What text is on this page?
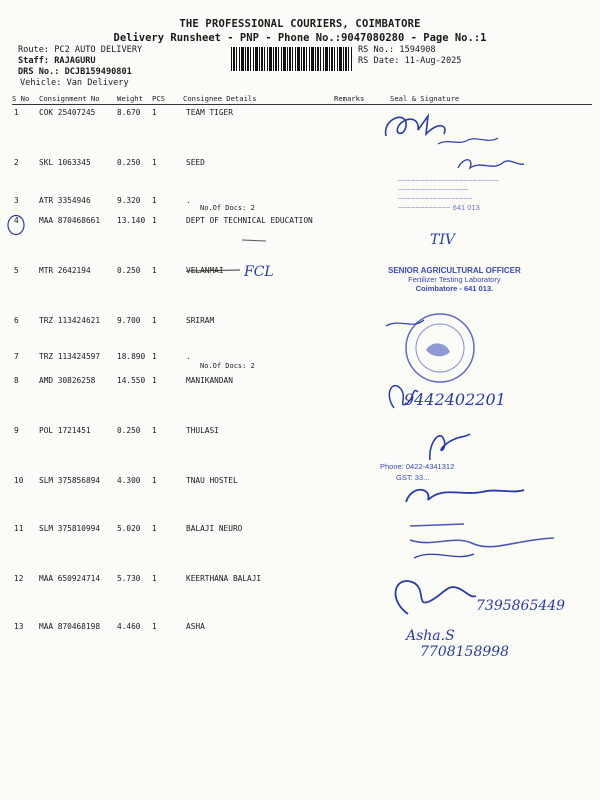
THE PROFESSIONAL COURIERS, COIMBATORE
Delivery Runsheet - PNP - Phone No.:9047080280 - Page No.:1
Route: PC2 AUTO DELIVERY
Staff: RAJAGURU
DRS No.: DCJB159490801
Vehicle: Van Delivery
RS No.: 1594908
RS Date: 11-Aug-2025
S No Consignment No Weight PCS	Consignee Details	Remarks	Seal & Signature
1	COK 25407245	8.670 1	TEAM TIGER
2	SKL 1063345	0.250 1	SEED
3	ATR 3354946	9.320 1	.
No.Of Docs: 2
4	MAA 870468661 13.140 1	DEPT OF TECHNICAL EDUCATION
5	MTR 2642194	0.250 1	VELANMAI
6	TRZ 113424621 9.700 1	SRIRAM
7	TRZ 113424597 18.890 1	.
No.Of Docs: 2
8	AMD 30826258	14.550 1	MANIKANDAN
9	POL 1721451	0.250 1	THULASI
10 SLM 375856894 4.300 1	TNAU HOSTEL
11 SLM 375810994 5.020 1	BALAJI NEURO
12 MAA 650924714 5.730 1	KEERTHANA BALAJI
13 MAA 870468198 4.460 1	ASHA
~~~~~~~~~~~~~~~~~~~~~~~
~~~~~~~~~~~~~~~~
~~~~~~~~~~~~~~~~~
~~~~~~~~~~~~ 641 013
TIV
FCL	SENIOR AGRICULTURAL OFFICER
Fertilizer Testing Laboratory
Coimbatore - 641 013.
9442402201
Phone: 0422-4341312
GST: 33...
7395865449
Asha.S
7708158998
